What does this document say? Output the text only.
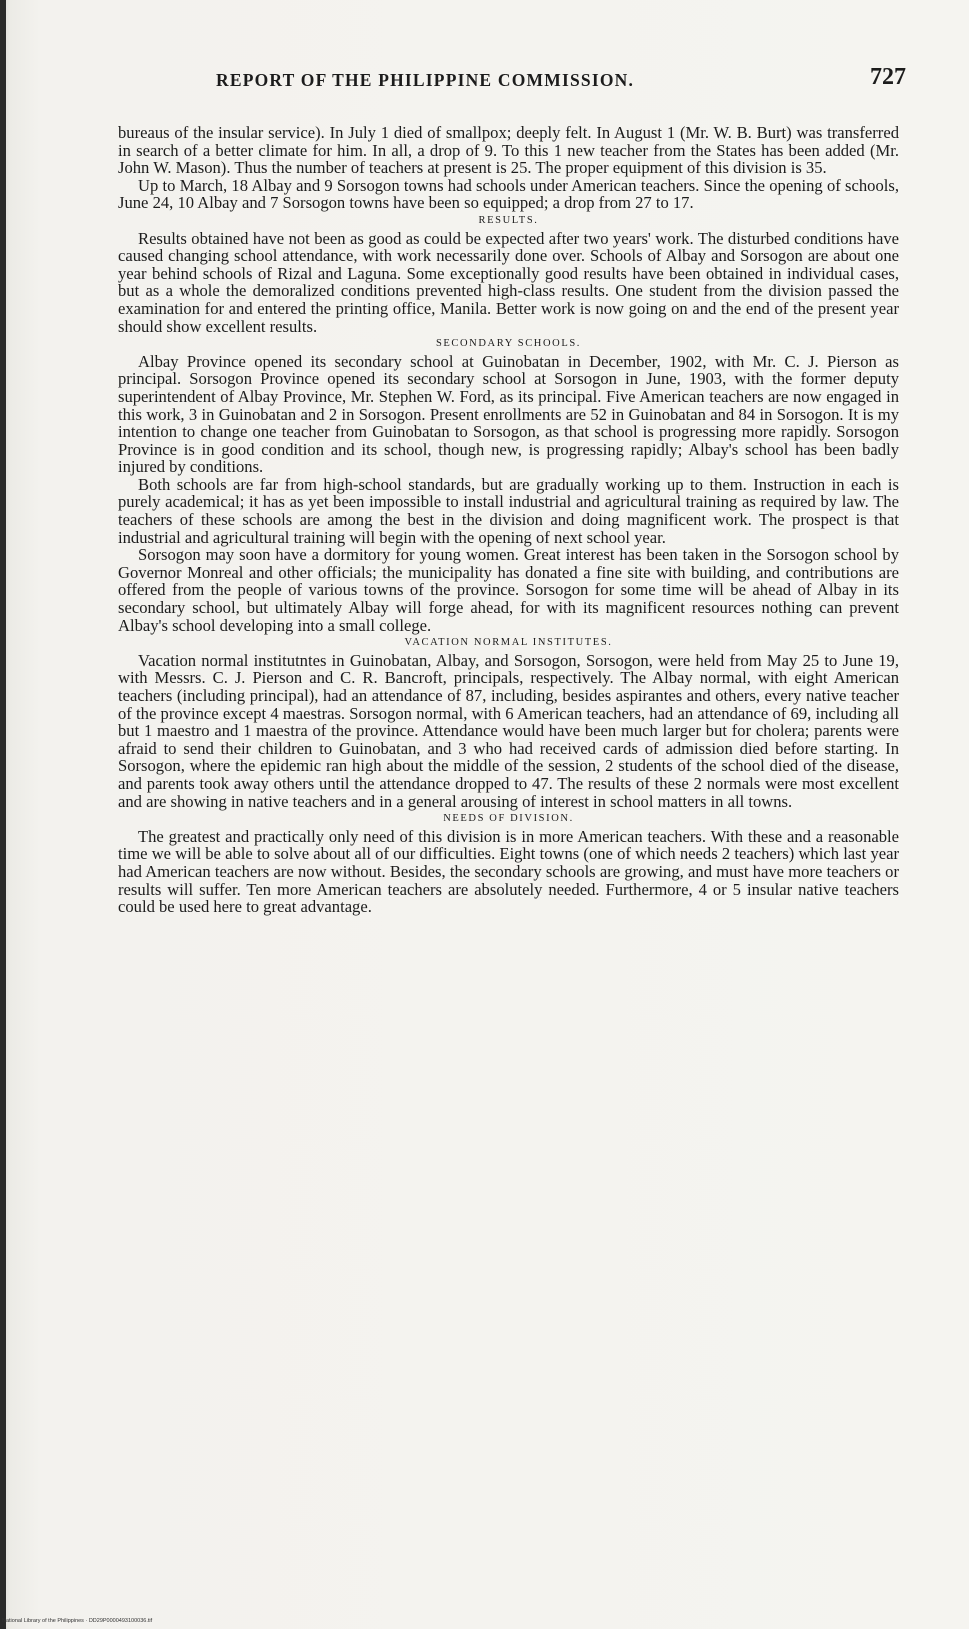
REPORT OF THE PHILIPPINE COMMISSION.	727

bureaus of the insular service). In July 1 died of smallpox; deeply felt. In August 1 (Mr. W. B. Burt) was transferred in search of a better climate for him. In all, a drop of 9. To this 1 new teacher from the States has been added (Mr. John W. Mason). Thus the number of teachers at present is 25. The proper equipment of this division is 35.

Up to March, 18 Albay and 9 Sorsogon towns had schools under American teachers. Since the opening of schools, June 24, 10 Albay and 7 Sorsogon towns have been so equipped; a drop from 27 to 17.

RESULTS.

Results obtained have not been as good as could be expected after two years' work. The disturbed conditions have caused changing school attendance, with work necessarily done over. Schools of Albay and Sorsogon are about one year behind schools of Rizal and Laguna. Some exceptionally good results have been obtained in individual cases, but as a whole the demoralized conditions prevented high-class results. One student from the division passed the examination for and entered the printing office, Manila. Better work is now going on and the end of the present year should show excellent results.

SECONDARY SCHOOLS.

Albay Province opened its secondary school at Guinobatan in December, 1902, with Mr. C. J. Pierson as principal. Sorsogon Province opened its secondary school at Sorsogon in June, 1903, with the former deputy superintendent of Albay Province, Mr. Stephen W. Ford, as its principal. Five American teachers are now engaged in this work, 3 in Guinobatan and 2 in Sorsogon. Present enrollments are 52 in Guinobatan and 84 in Sorsogon. It is my intention to change one teacher from Guinobatan to Sorsogon, as that school is progressing more rapidly. Sorsogon Province is in good condition and its school, though new, is progressing rapidly; Albay's school has been badly injured by conditions.

Both schools are far from high-school standards, but are gradually working up to them. Instruction in each is purely academical; it has as yet been impossible to install industrial and agricultural training as required by law. The teachers of these schools are among the best in the division and doing magnificent work. The prospect is that industrial and agricultural training will begin with the opening of next school year.

Sorsogon may soon have a dormitory for young women. Great interest has been taken in the Sorsogon school by Governor Monreal and other officials; the municipality has donated a fine site with building, and contributions are offered from the people of various towns of the province. Sorsogon for some time will be ahead of Albay in its secondary school, but ultimately Albay will forge ahead, for with its magnificent resources nothing can prevent Albay's school developing into a small college.

VACATION NORMAL INSTITUTES.

Vacation normal institutntes in Guinobatan, Albay, and Sorsogon, Sorsogon, were held from May 25 to June 19, with Messrs. C. J. Pierson and C. R. Bancroft, principals, respectively. The Albay normal, with eight American teachers (including principal), had an attendance of 87, including, besides aspirantes and others, every native teacher of the province except 4 maestras. Sorsogon normal, with 6 American teachers, had an attendance of 69, including all but 1 maestro and 1 maestra of the province. Attendance would have been much larger but for cholera; parents were afraid to send their children to Guinobatan, and 3 who had received cards of admission died before starting. In Sorsogon, where the epidemic ran high about the middle of the session, 2 students of the school died of the disease, and parents took away others until the attendance dropped to 47. The results of these 2 normals were most excellent and are showing in native teachers and in a general arousing of interest in school matters in all towns.

NEEDS OF DIVISION.

The greatest and practically only need of this division is in more American teachers. With these and a reasonable time we will be able to solve about all of our difficulties. Eight towns (one of which needs 2 teachers) which last year had American teachers are now without. Besides, the secondary schools are growing, and must have more teachers or results will suffer. Ten more American teachers are absolutely needed. Furthermore, 4 or 5 insular native teachers could be used here to great advantage.

National Library of the Philippines · DD29P0000493100036.tif
